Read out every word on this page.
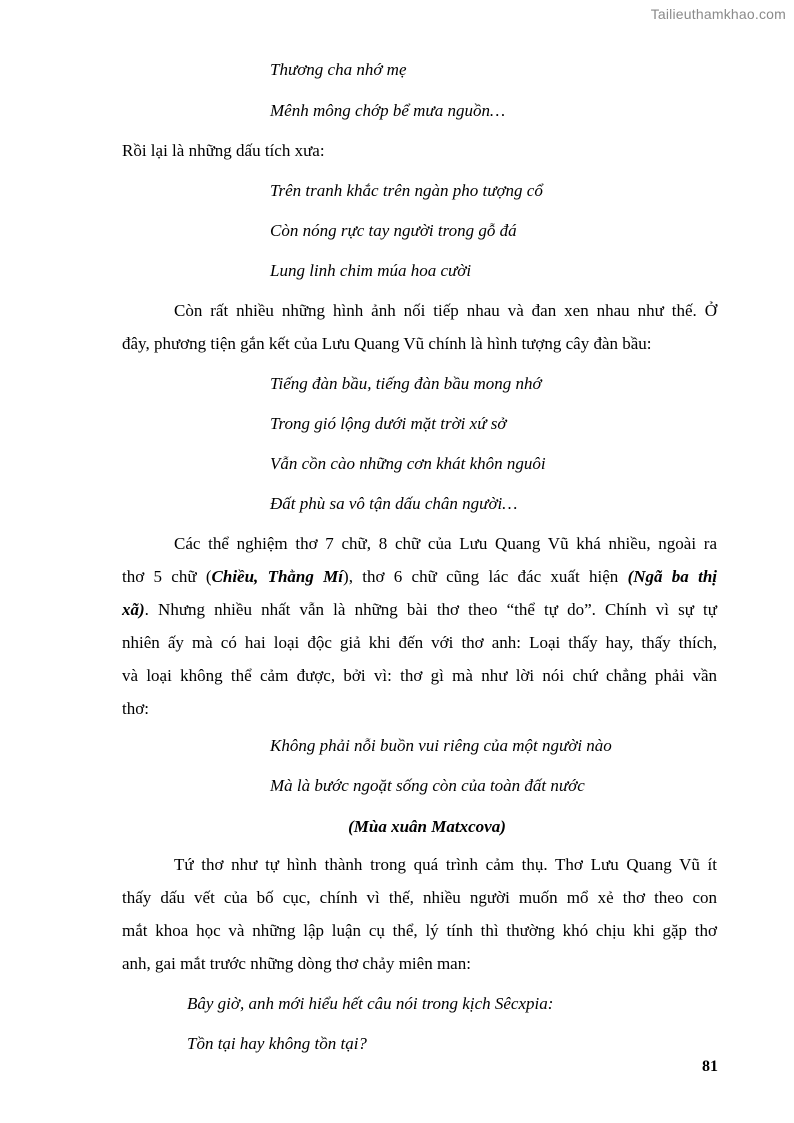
Tailieuthamkhao.com
Thương cha nhớ mẹ
Mênh mông chớp bể mưa nguồn…
Rồi lại là những dấu tích xưa:
Trên tranh khắc trên ngàn pho tượng cổ
Còn nóng rực tay người trong gỗ đá
Lung linh chim múa hoa cười
Còn rất nhiều những hình ảnh nối tiếp nhau và đan xen nhau như thế. Ở
đây, phương tiện gắn kết của Lưu Quang Vũ chính là hình tượng cây đàn bầu:
Tiếng đàn bầu, tiếng đàn bầu mong nhớ
Trong gió lộng dưới mặt trời xứ sở
Vẫn cồn cào những cơn khát khôn nguôi
Đất phù sa vô tận dấu chân người…
Các thể nghiệm thơ 7 chữ, 8 chữ của Lưu Quang Vũ khá nhiều, ngoài ra
thơ 5 chữ (Chiều, Thằng Mí), thơ 6 chữ cũng lác đác xuất hiện (Ngã ba thị
xã). Nhưng nhiều nhất vẫn là những bài thơ theo “thể tự do”. Chính vì sự tự
nhiên ấy mà có hai loại độc giả khi đến với thơ anh: Loại thấy hay, thấy thích,
và loại không thể cảm được, bởi vì: thơ gì mà như lời nói chứ chẳng phải vần
thơ:
Không phải nỗi buồn vui riêng của một người nào
Mà là bước ngoặt sống còn của toàn đất nước
(Mùa xuân Matxcova)
Tứ thơ như tự hình thành trong quá trình cảm thụ. Thơ Lưu Quang Vũ ít
thấy dấu vết của bố cục, chính vì thế, nhiều người muốn mổ xẻ thơ theo con
mắt khoa học và những lập luận cụ thể, lý tính thì thường khó chịu khi gặp thơ
anh, gai mắt trước những dòng thơ chảy miên man:
Bây giờ, anh mới hiểu hết câu nói trong kịch Sêcxpia:
Tồn tại hay không tồn tại?
81
